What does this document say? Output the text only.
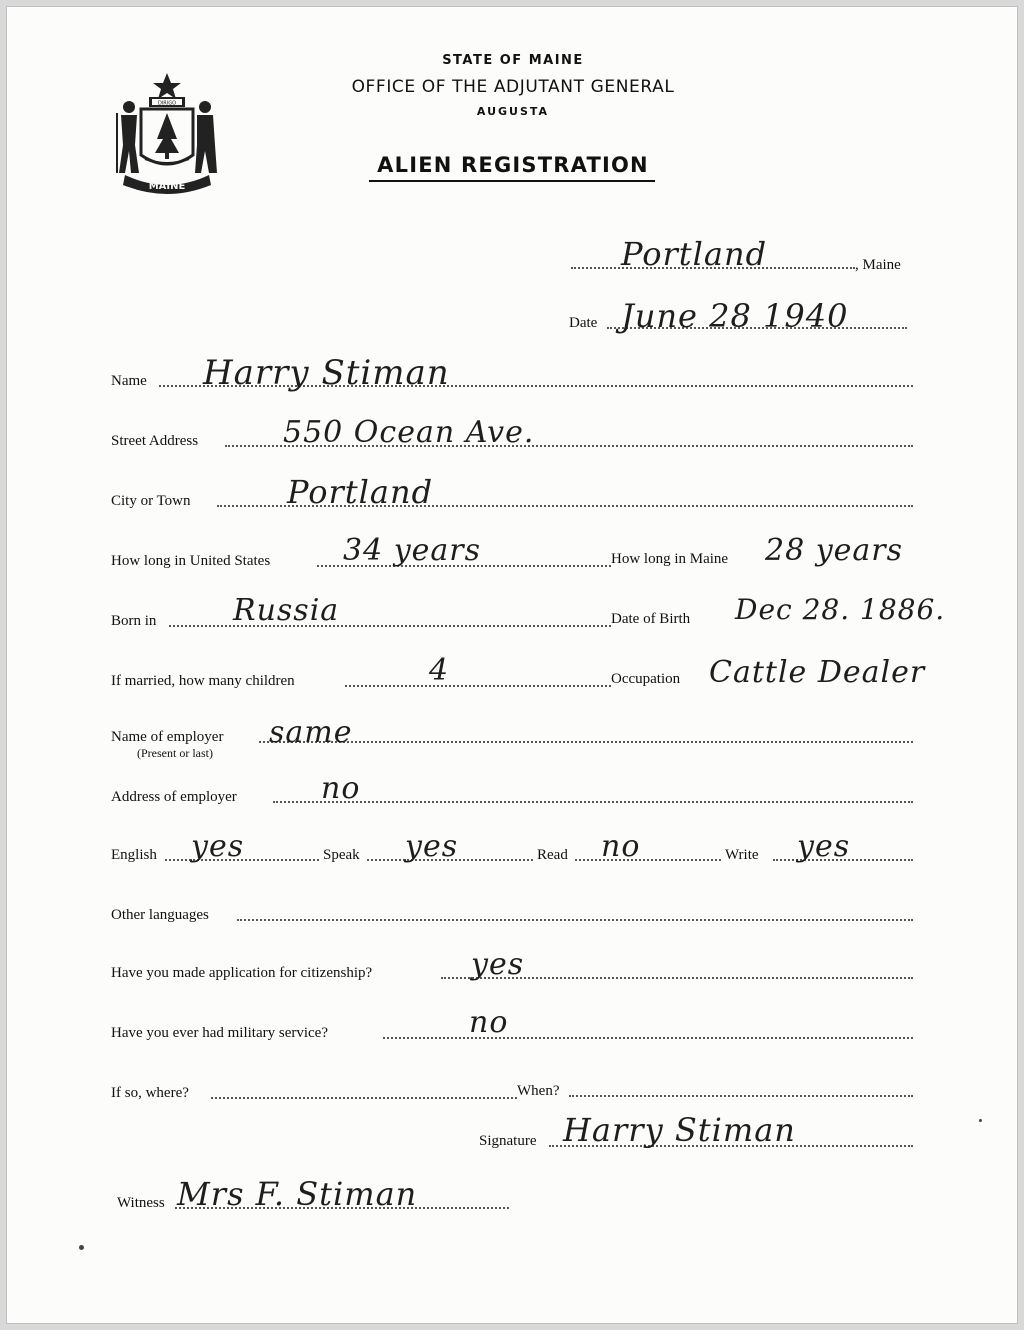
DIRIGO
MAINE
STATE OF MAINE
OFFICE OF THE ADJUTANT GENERAL
AUGUSTA
ALIEN REGISTRATION
Portland	, Maine
Date June 28 1940
Name Harry Stiman
Street Address	550 Ocean Ave.
City or Town	Portland
How long in United States 34 years	How long in Maine 28 years
Born in	Russia	Date of Birth Dec 28. 1886.
If married, how many children	4	Occupation Cattle Dealer
Name of employer
(Present or last)
same
Address of employer	no
English yes	Speak yes	Read no	Write yes
Other languages
Have you made application for citizenship?	yes
Have you ever had military service?	no
If so, where?	When?
Signature Harry Stiman
Witness Mrs F. Stiman
